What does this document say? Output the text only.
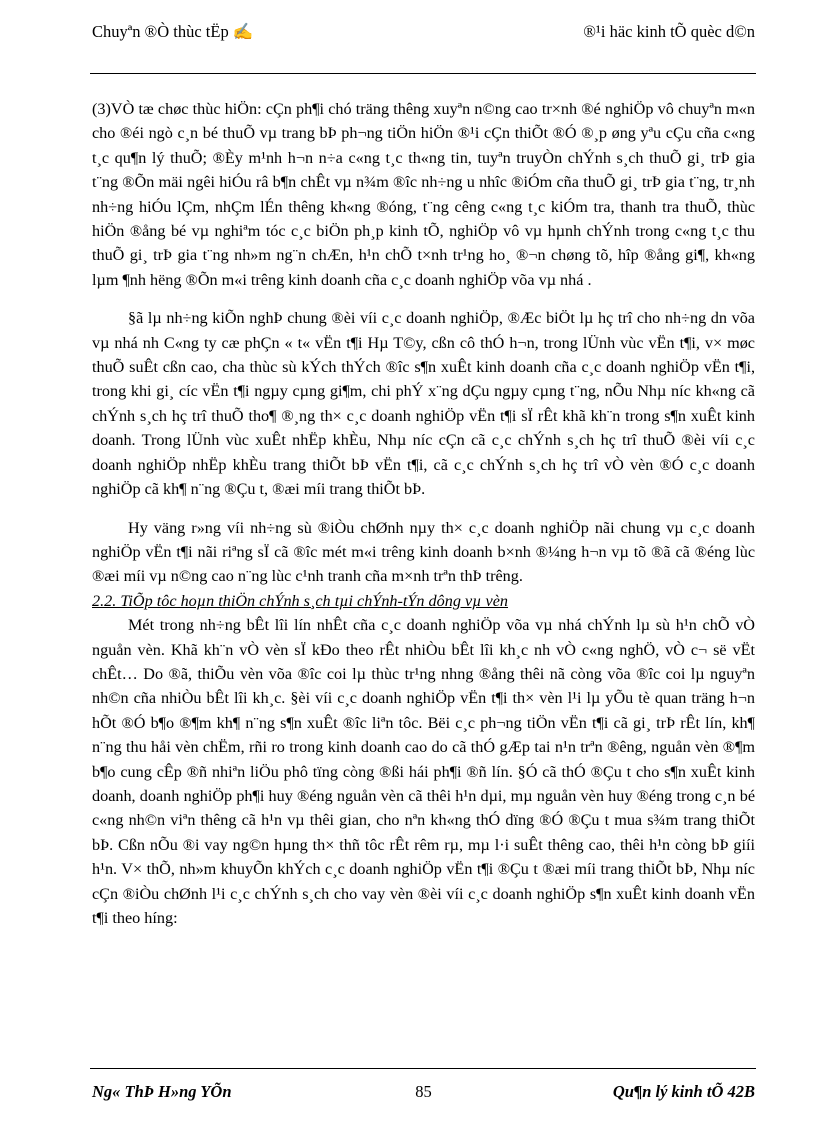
Chuyªn ®Ò thùc tËp ✍	®¹i häc kinh tÕ quèc d©n

(3)VÒ tæ chøc thùc hiÖn: cÇn ph¶i chó träng thêng xuyªn n©ng cao tr×nh ®é nghiÖp vô chuyªn m«n cho ®éi ngò c¸n bé thuÕ vµ trang bÞ ph¬ng tiÖn hiÖn ®¹i cÇn thiÕt ®Ó ®¸p øng yªu cÇu cña c«ng t¸c qu¶n lý thuÕ; ®Èy m¹nh h¬n n÷a c«ng t¸c th«ng tin, tuyªn truyÒn chÝnh s¸ch thuÕ gi¸ trÞ gia t¨ng ®Õn mäi ngêi hiÓu râ b¶n chÊt vµ n¾m ®îc nh÷ng u nhîc ®iÓm cña thuÕ gi¸ trÞ gia t¨ng, tr¸nh nh÷ng hiÓu lÇm, nhÇm lÉn thêng kh«ng ®óng, t¨ng cêng c«ng t¸c kiÓm tra, thanh tra thuÕ, thùc hiÖn ®ång bé vµ nghiªm tóc c¸c biÖn ph¸p kinh tÕ, nghiÖp vô vµ hµnh chÝnh trong c«ng t¸c thu thuÕ gi¸ trÞ gia t¨ng nh»m ng¨n chÆn, h¹n chÕ t×nh tr¹ng ho¸ ®¬n chøng tõ, hîp ®ång gi¶, kh«ng lµm ¶nh hëng ®Õn m«i trêng kinh doanh cña c¸c doanh nghiÖp võa vµ nhá .

§ã lµ nh÷ng kiÕn nghÞ chung ®èi víi c¸c doanh nghiÖp, ®Æc biÖt lµ hç trî cho nh÷ng dn võa vµ nhá nh C«ng ty cæ phÇn « t« vËn t¶i Hµ T©y, cßn cô thÓ h¬n, trong lÜnh vùc vËn t¶i, v× møc thuÕ suÊt cßn cao, cha thùc sù kÝch thÝch ®îc s¶n xuÊt kinh doanh cña c¸c doanh nghiÖp vËn t¶i, trong khi gi¸ cíc vËn t¶i ngµy cµng gi¶m, chi phÝ x¨ng dÇu ngµy cµng t¨ng, nÕu Nhµ níc kh«ng cã chÝnh s¸ch hç trî thuÕ tho¶ ®¸ng th× c¸c doanh nghiÖp vËn t¶i sÏ rÊt khã kh¨n trong s¶n xuÊt kinh doanh. Trong lÜnh vùc xuÊt nhËp khÈu, Nhµ níc cÇn cã c¸c chÝnh s¸ch hç trî thuÕ ®èi víi c¸c doanh nghiÖp nhËp khÈu trang thiÕt bÞ vËn t¶i, cã c¸c chÝnh s¸ch hç trî vÒ vèn ®Ó c¸c doanh nghiÖp cã kh¶ n¨ng ®Çu t, ®æi míi trang thiÕt bÞ.

Hy väng r»ng víi nh÷ng sù ®iÒu chØnh nµy th× c¸c doanh nghiÖp nãi chung vµ c¸c doanh nghiÖp vËn t¶i nãi riªng sÏ cã ®îc mét m«i trêng kinh doanh b×nh ®¼ng h¬n vµ tõ ®ã cã ®éng lùc ®æi míi vµ n©ng cao n¨ng lùc c¹nh tranh cña m×nh trªn thÞ trêng.

2.2. TiÕp tôc hoµn thiÖn chÝnh s¸ch tµi chÝnh-tÝn dông vµ vèn

Mét trong nh÷ng bÊt lîi lín nhÊt cña c¸c doanh nghiÖp võa vµ nhá chÝnh lµ sù h¹n chÕ vÒ nguån vèn. Khã kh¨n vÒ vèn sÏ kÐo theo rÊt nhiÒu bÊt lîi kh¸c nh vÒ c«ng nghÖ, vÒ c¬ së vËt chÊt… Do ®ã, thiÕu vèn võa ®îc coi lµ thùc tr¹ng nhng ®ång thêi nã còng võa ®îc coi lµ nguyªn nh©n cña nhiÒu bÊt lîi kh¸c. §èi víi c¸c doanh nghiÖp vËn t¶i th× vèn l¹i lµ yÕu tè quan träng h¬n hÕt ®Ó b¶o ®¶m kh¶ n¨ng s¶n xuÊt ®îc liªn tôc. Bëi c¸c ph¬ng tiÖn vËn t¶i cã gi¸ trÞ rÊt lín, kh¶ n¨ng thu håi vèn chËm, rñi ro trong kinh doanh cao do cã thÓ gÆp tai n¹n trªn ®êng, nguån vèn ®¶m b¶o cung cÊp ®ñ nhiªn liÖu phô tïng còng ®ßi hái ph¶i ®ñ lín. §Ó cã thÓ ®Çu t cho s¶n xuÊt kinh doanh, doanh nghiÖp ph¶i huy ®éng nguån vèn cã thêi h¹n dµi, mµ nguån vèn huy ®éng trong c¸n bé c«ng nh©n viªn thêng cã h¹n vµ thêi gian, cho nªn kh«ng thÓ dïng ®Ó ®Çu t mua s¾m trang thiÕt bÞ. Cßn nÕu ®i vay ng©n hµng th× thñ tôc rÊt rêm rµ, mµ l·i suÊt thêng cao, thêi h¹n còng bÞ giíi h¹n. V× thÕ, nh»m khuyÕn khÝch c¸c doanh nghiÖp vËn t¶i ®Çu t ®æi míi trang thiÕt bÞ, Nhµ níc cÇn ®iÒu chØnh l¹i c¸c chÝnh s¸ch cho vay vèn ®èi víi c¸c doanh nghiÖp s¶n xuÊt kinh doanh vËn t¶i theo híng:

Ng« ThÞ H»ng YÕn	85	Qu¶n lý kinh tÕ 42B
